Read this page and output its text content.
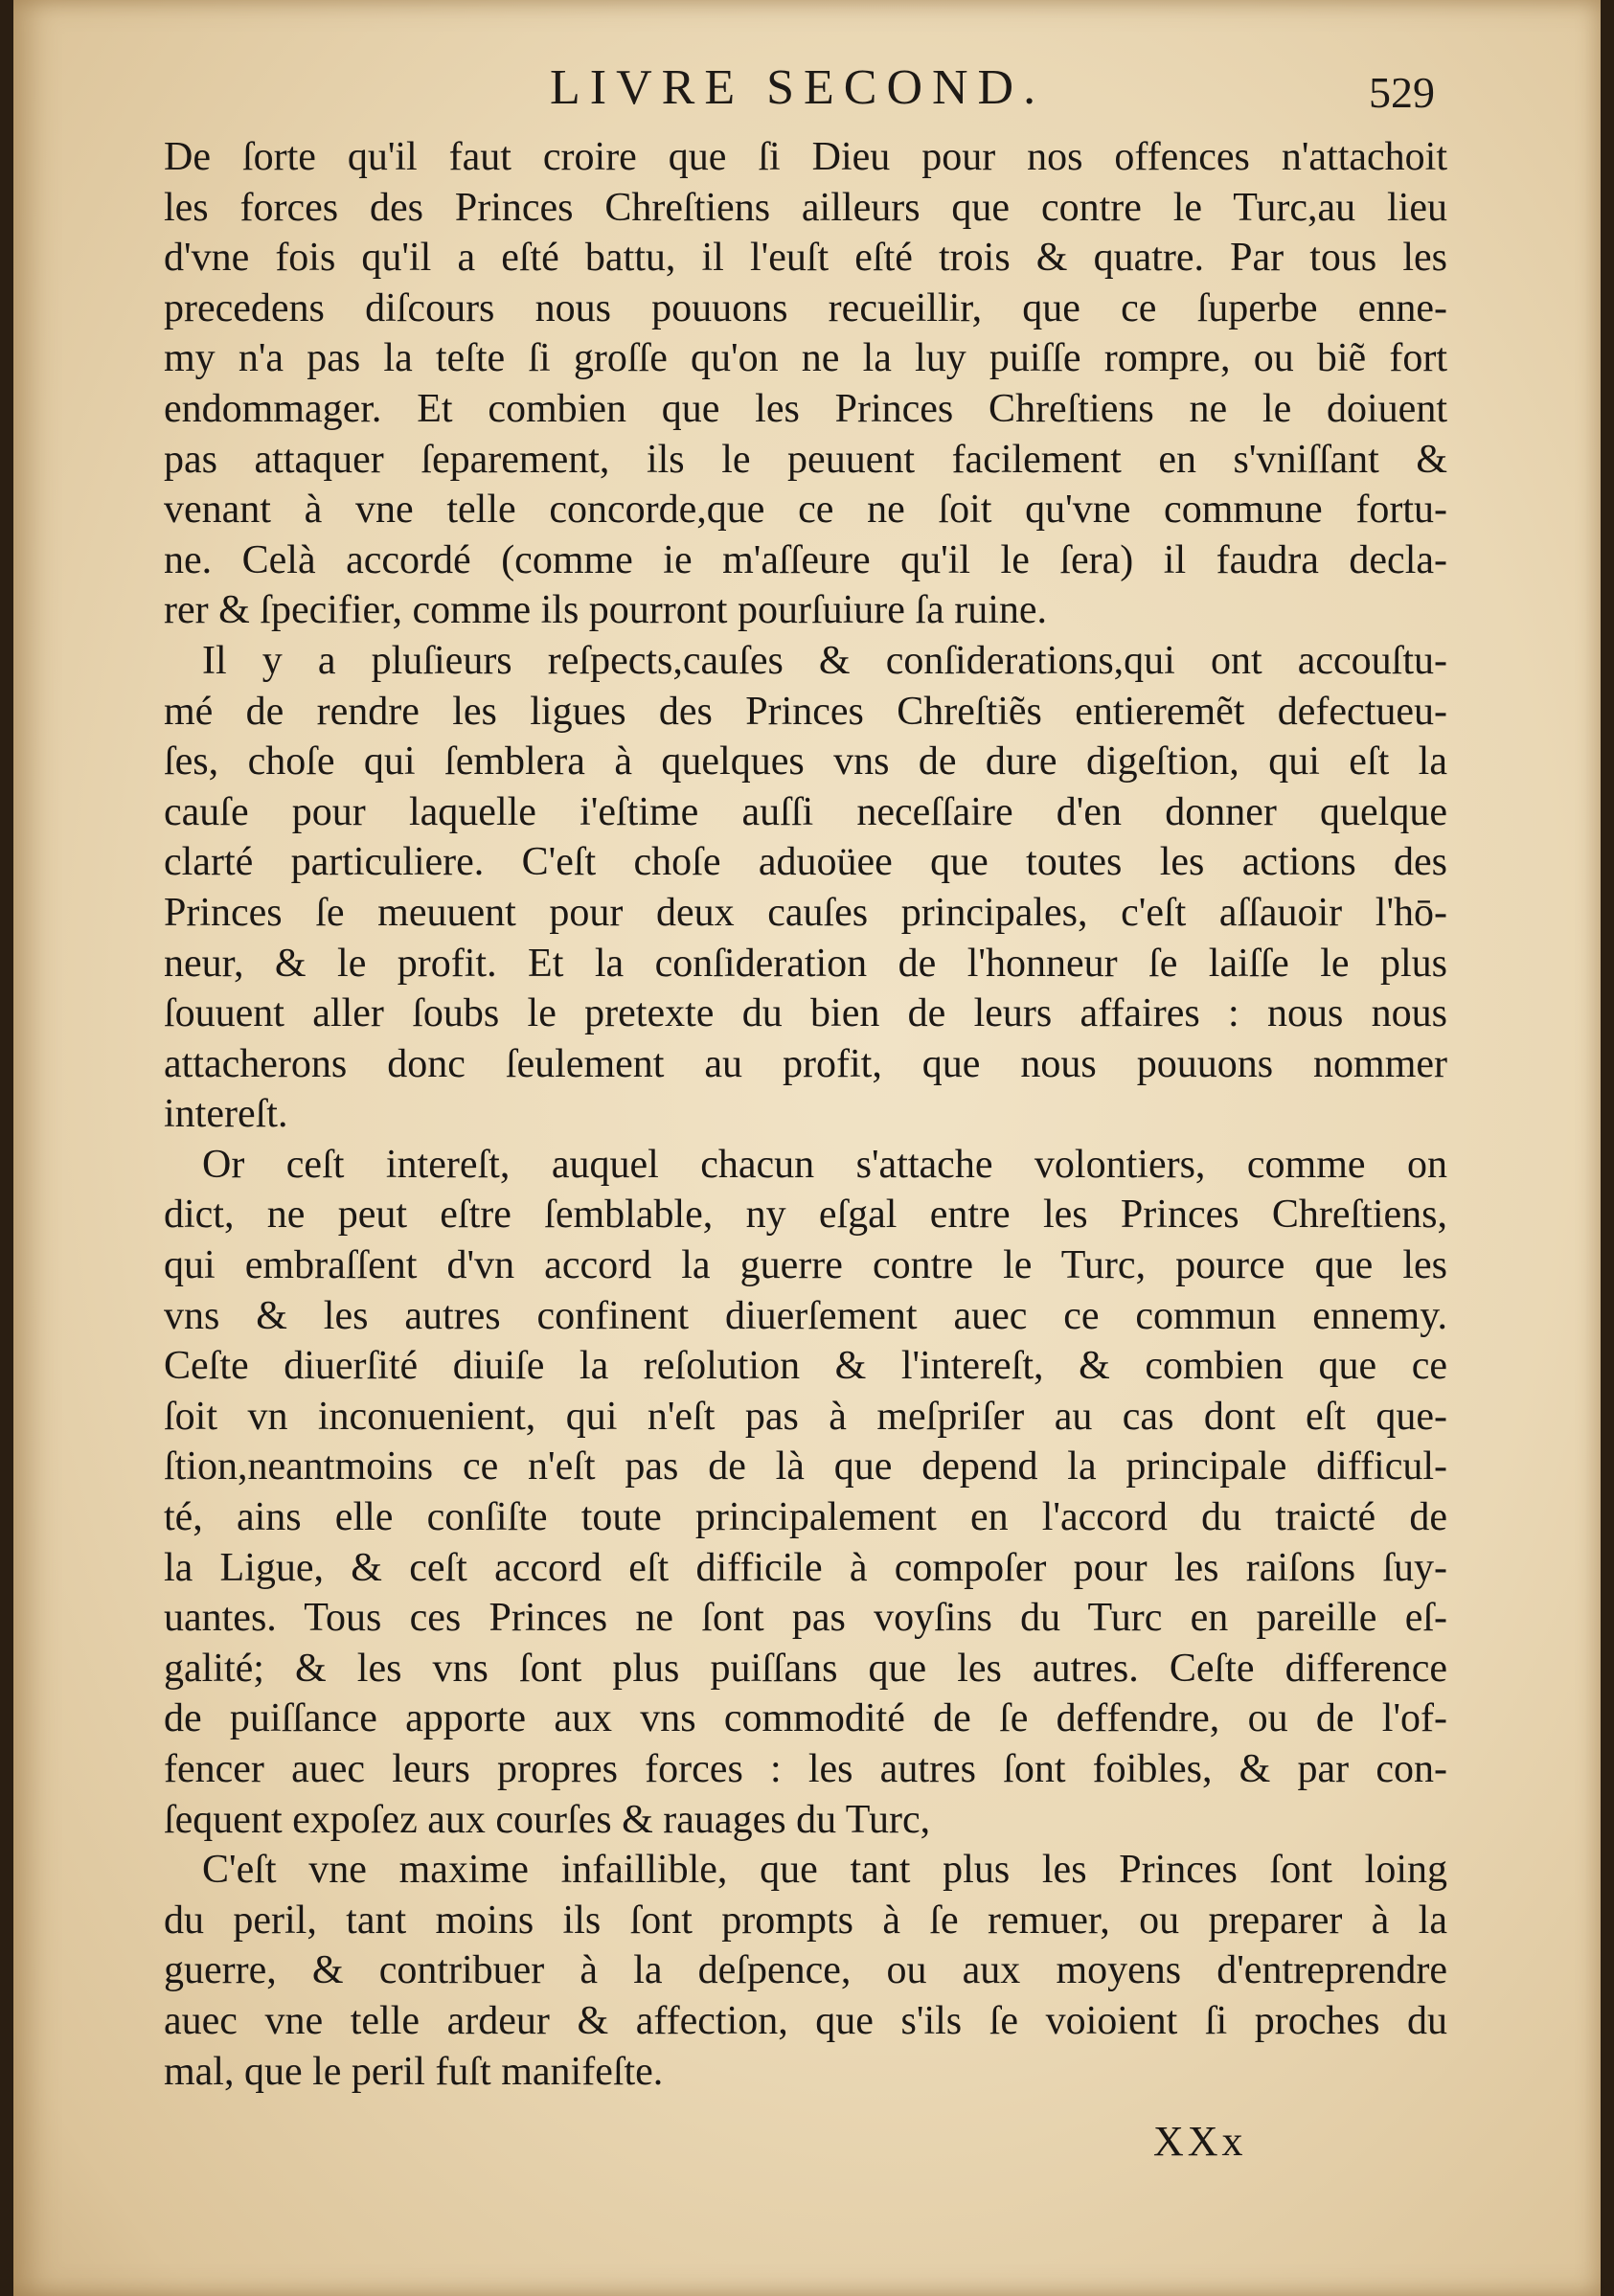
LIVRE SECOND.	529
De ſorte qu'il faut croire que ſi Dieu pour nos offences n'attachoit
les forces des Princes Chreſtiens ailleurs que contre le Turc,au lieu
d'vne fois qu'il a eſté battu, il l'euſt eſté trois & quatre. Par tous les
precedens diſcours nous pouuons recueillir, que ce ſuperbe enne-
my n'a pas la teſte ſi groſſe qu'on ne la luy puiſſe rompre, ou biẽ fort
endommager. Et combien que les Princes Chreſtiens ne le doiuent
pas attaquer ſeparement, ils le peuuent facilement en s'vniſſant &
venant à vne telle concorde,que ce ne ſoit qu'vne commune fortu-
ne. Celà accordé (comme ie m'aſſeure qu'il le ſera) il faudra decla-
rer & ſpecifier, comme ils pourront pourſuiure ſa ruine.
Il y a pluſieurs reſpects,cauſes & conſiderations,qui ont accouſtu-
mé de rendre les ligues des Princes Chreſtiẽs entieremẽt defectueu-
ſes, choſe qui ſemblera à quelques vns de dure digeſtion, qui eſt la
cauſe pour laquelle i'eſtime auſſi neceſſaire d'en donner quelque
clarté particuliere. C'eſt choſe aduoüee que toutes les actions des
Princes ſe meuuent pour deux cauſes principales, c'eſt aſſauoir l'hō-
neur, & le profit. Et la conſideration de l'honneur ſe laiſſe le plus
ſouuent aller ſoubs le pretexte du bien de leurs affaires : nous nous
attacherons donc ſeulement au profit, que nous pouuons nommer
intereſt.
Or ceſt intereſt, auquel chacun s'attache volontiers, comme on
dict, ne peut eſtre ſemblable, ny eſgal entre les Princes Chreſtiens,
qui embraſſent d'vn accord la guerre contre le Turc, pource que les
vns & les autres confinent diuerſement auec ce commun ennemy.
Ceſte diuerſité diuiſe la reſolution & l'intereſt, & combien que ce
ſoit vn inconuenient, qui n'eſt pas à meſpriſer au cas dont eſt que-
ſtion,neantmoins ce n'eſt pas de là que depend la principale difficul-
té, ains elle conſiſte toute principalement en l'accord du traicté de
la Ligue, & ceſt accord eſt difficile à compoſer pour les raiſons ſuy-
uantes. Tous ces Princes ne ſont pas voyſins du Turc en pareille eſ-
galité; & les vns ſont plus puiſſans que les autres. Ceſte difference
de puiſſance apporte aux vns commodité de ſe deffendre, ou de l'of-
fencer auec leurs propres forces : les autres ſont foibles, & par con-
ſequent expoſez aux courſes & rauages du Turc,
C'eſt vne maxime infaillible, que tant plus les Princes ſont loing
du peril, tant moins ils ſont prompts à ſe remuer, ou preparer à la
guerre, & contribuer à la deſpence, ou aux moyens d'entreprendre
auec vne telle ardeur & affection, que s'ils ſe voioient ſi proches du
mal, que le peril fuſt manifeſte.
XXx
